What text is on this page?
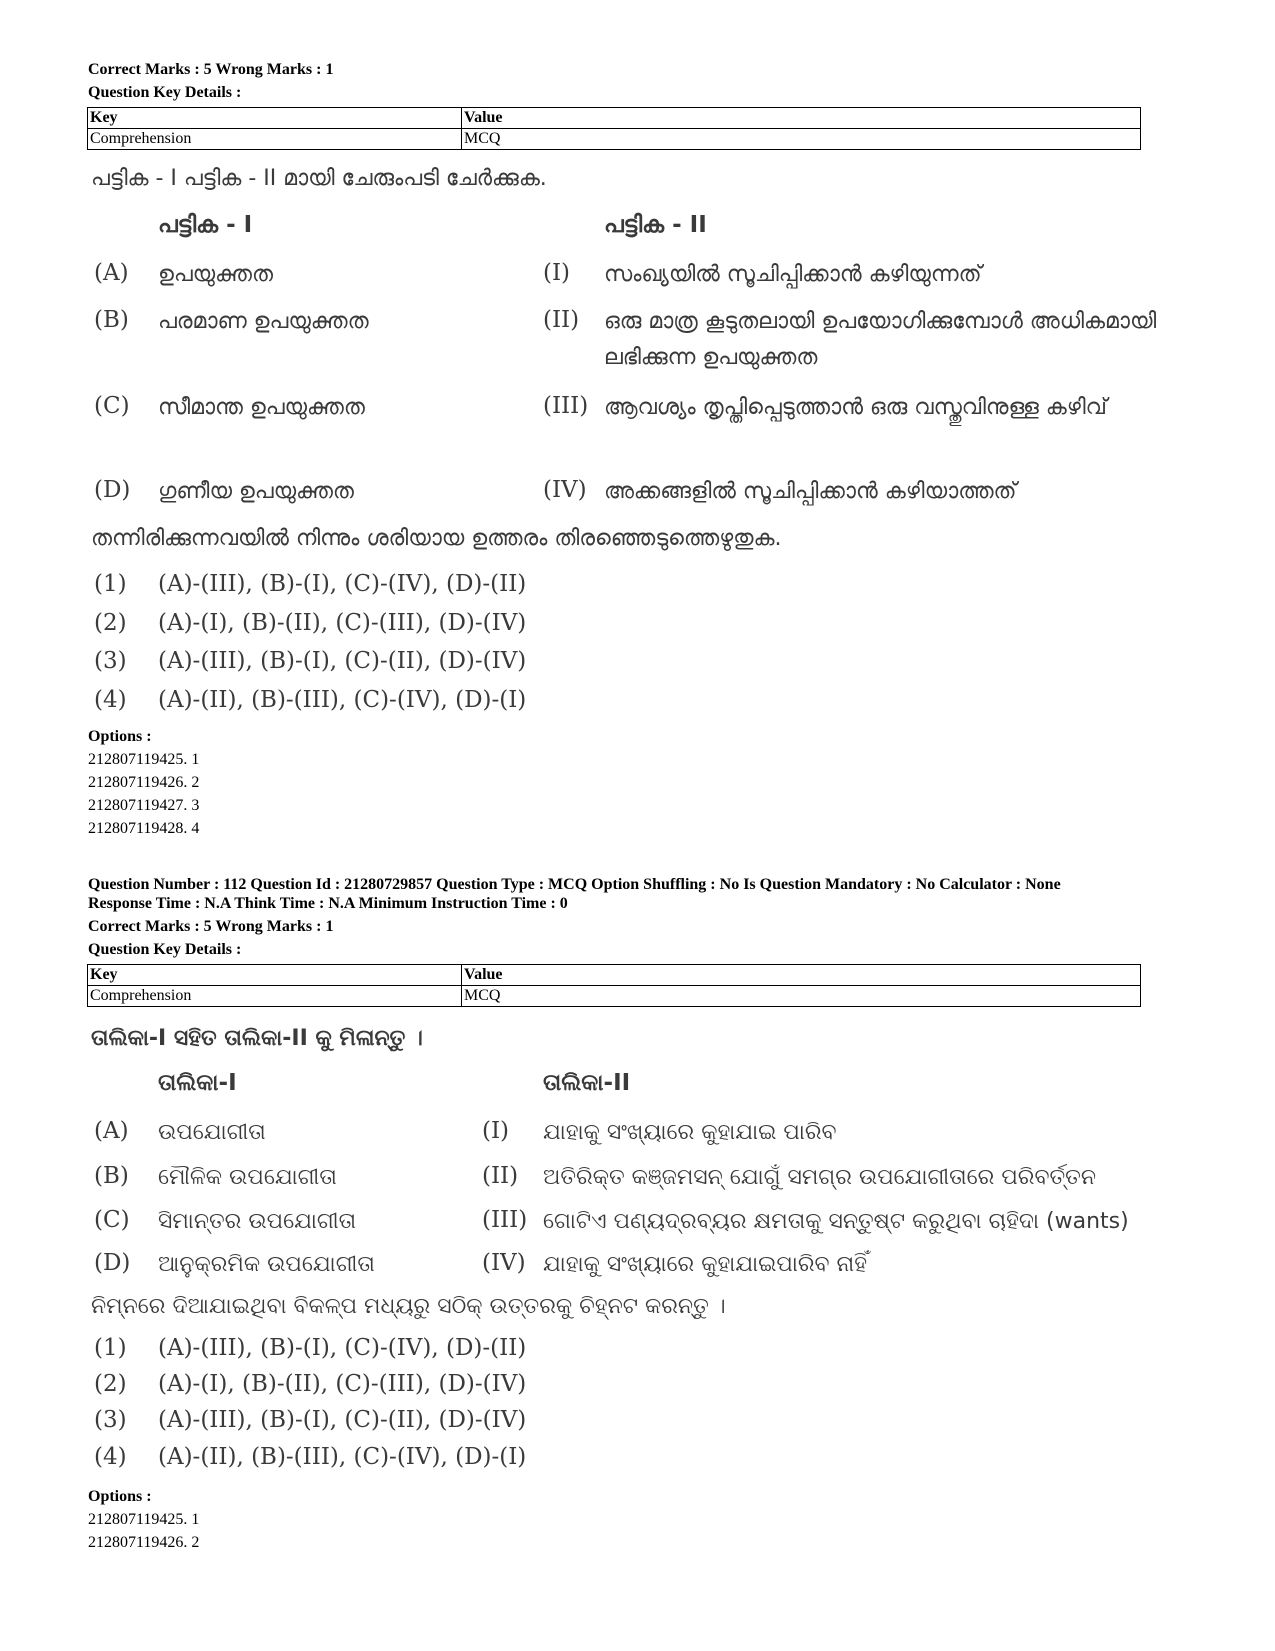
Correct Marks : 5 Wrong Marks : 1
Question Key Details :
Key	Value
Comprehension	MCQ
പട്ടിക - I പട്ടിക - II മായി ചേരുംപടി ചേർക്കുക.
പട്ടിക - I	പട്ടിക - II
(A) ഉപയുക്തത	(I) സംഖ്യയിൽ സൂചിപ്പിക്കാൻ കഴിയുന്നത്
(B) പരമാണ ഉപയുക്തത	(II) ഒരു മാത്ര കൂടുതലായി ഉപയോഗിക്കുമ്പോൾ അധികമായി ലഭിക്കുന്ന ഉപയുക്തത
(C) സീമാന്ത ഉപയുക്തത	(III) ആവശ്യം തൃപ്തിപ്പെടുത്താൻ ഒരു വസ്തുവിനുള്ള കഴിവ്
(D) ഗുണീയ ഉപയുക്തത	(IV) അക്കങ്ങളിൽ സൂചിപ്പിക്കാൻ കഴിയാത്തത്
തന്നിരിക്കുന്നവയിൽ നിന്നും ശരിയായ ഉത്തരം തിരഞ്ഞെടുത്തെഴുതുക.
(1) (A)-(III), (B)-(I), (C)-(IV), (D)-(II)
(2) (A)-(I), (B)-(II), (C)-(III), (D)-(IV)
(3) (A)-(III), (B)-(I), (C)-(II), (D)-(IV)
(4) (A)-(II), (B)-(III), (C)-(IV), (D)-(I)
Options :
212807119425. 1
212807119426. 2
212807119427. 3
212807119428. 4
Question Number : 112 Question Id : 21280729857 Question Type : MCQ Option Shuffling : No Is Question Mandatory : No Calculator : None
Response Time : N.A Think Time : N.A Minimum Instruction Time : 0
Correct Marks : 5 Wrong Marks : 1
Question Key Details :
Key	Value
Comprehension	MCQ
ତାଲିକା-I ସହିତ ତାଲିକା-II କୁ ମିଳାନ୍ତୁ ।
ତାଲିକା-I	ତାଲିକା-II
(A) ଉପଯୋଗୀତା	(I) ଯାହାକୁ ସଂଖ୍ୟାରେ କୁହାଯାଇ ପାରିବ
(B) ମୌଳିକ ଉପଯୋଗୀତା	(II) ଅତିରିକ୍ତ କଞ୍ଜମସନ୍ ଯୋଗୁଁ ସମଗ୍ର ଉପଯୋଗୀତାରେ ପରିବର୍ତ୍ତନ
(C) ସିମାନ୍ତର ଉପଯୋଗୀତା	(III) ଗୋଟିଏ ପଣ୍ୟଦ୍ରବ୍ୟର କ୍ଷମତାକୁ ସନ୍ତୁଷ୍ଟ କରୁଥିବା ଚାହିଦା (wants)
(D) ଆନୁକ୍ରମିକ ଉପଯୋଗୀତା	(IV) ଯାହାକୁ ସଂଖ୍ୟାରେ କୁହାଯାଇପାରିବ ନାହିଁ
ନିମ୍ନରେ ଦିଆଯାଇଥିବା ବିକଳ୍ପ ମଧ୍ୟରୁ ସଠିକ୍ ଉତ୍ତରକୁ ଚିହ୍ନଟ କରନ୍ତୁ ।
(1) (A)-(III), (B)-(I), (C)-(IV), (D)-(II)
(2) (A)-(I), (B)-(II), (C)-(III), (D)-(IV)
(3) (A)-(III), (B)-(I), (C)-(II), (D)-(IV)
(4) (A)-(II), (B)-(III), (C)-(IV), (D)-(I)
Options :
212807119425. 1
212807119426. 2
